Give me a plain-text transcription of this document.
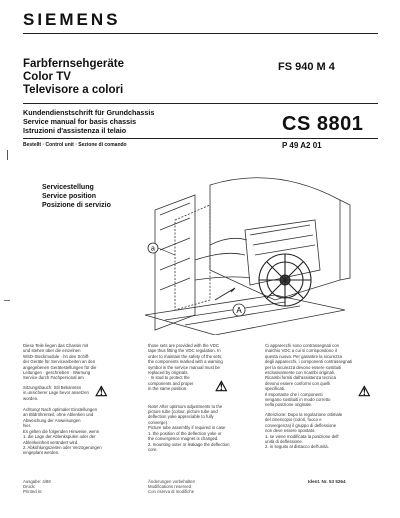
SIEMENS
Farbfernsehgeräte
Color TV
Televisore a colori
FS 940 M 4
Kundendienstschrift für Grundchassis
Service manual for basis chassis
Istruzioni d'assistenza il telaio	CS 8801
Bestellt · Control unit · Sezione di comando	P 49 A2 01
Servicestellung
Service position
Posizione di servizio
a
A
Diese Teile liegen das Chassis mit
und stehen über die einzelnen
WSD-Steckmodule · hn den Schiff-
der Geräte für Servicearbeiten an den
angegebenen Gerätestellungen für die
Leitungen · geschrieben · Warnung
Service durch Fachpersonal am
Sitzungsbauch: Stil Bekannten
in unsicherer Lage bevor ansetzen
worden.
Achtung! Nach optimaler Einstellungen
an Bildröhrenteil, ohne Ablenken und
Abweichung der Anweisungen
hier.
Es gelten die folgenden Hinweise, wenn
1. die Lage der Ablenkspulen oder der
Ablenkeinheit verändert wird.
2. Abkühlungszeiten oder Verzögerungen
eingeplant werden.
⚠
those sets are provided with the VDC
tape thus fitting the VDC regulation. In
order to maintain the safety of the sets,
the components marked with a warning
symbol in the service manual must be
replaced by originals.
· In stud to protect the
components and proper
in the same position.
Note! After optimum adjustments to the
picture tube (colour, picture tube and
deflection yoke appreciable to fully
converge).
Picture tube assembly if required in case
1. the position of the deflection yoke or
the convergence magnet is changed.
2. mounting outer or leakage the deflection
core.
⚠
Ci apparecchi sono contrassegnati con
marchio VDC a cui si corrispondono il
questa nuova. Per garantire la sicurezza
degli apparecchi, i componenti contrassegnati
per la sicurezza devono essere sostituiti
esclusivamente con ricambi originali.
Ricambi forniti dall'assistenza tecnica
devono essere conformi con quelli
specificati.
Il Importante che i componenti
vengano sostituiti in modo corretto
nella posizione originale.
Attenzione: Dopo la regolazione ottimale
del cinescopio (colori, fuoco e
convergenza) il gruppo di deflessione
non deve essere spostato.
1. se viene modificata la posizione dell'
unità di deflessione.
2. in seguito al distacco dell'unità.
⚠
Ausgabe: 4/88
Druck:
Printed in:
Änderungen vorbehalten
Modifications reserved
Con riserva di modifiche
Ident. Nr. 53 5264
